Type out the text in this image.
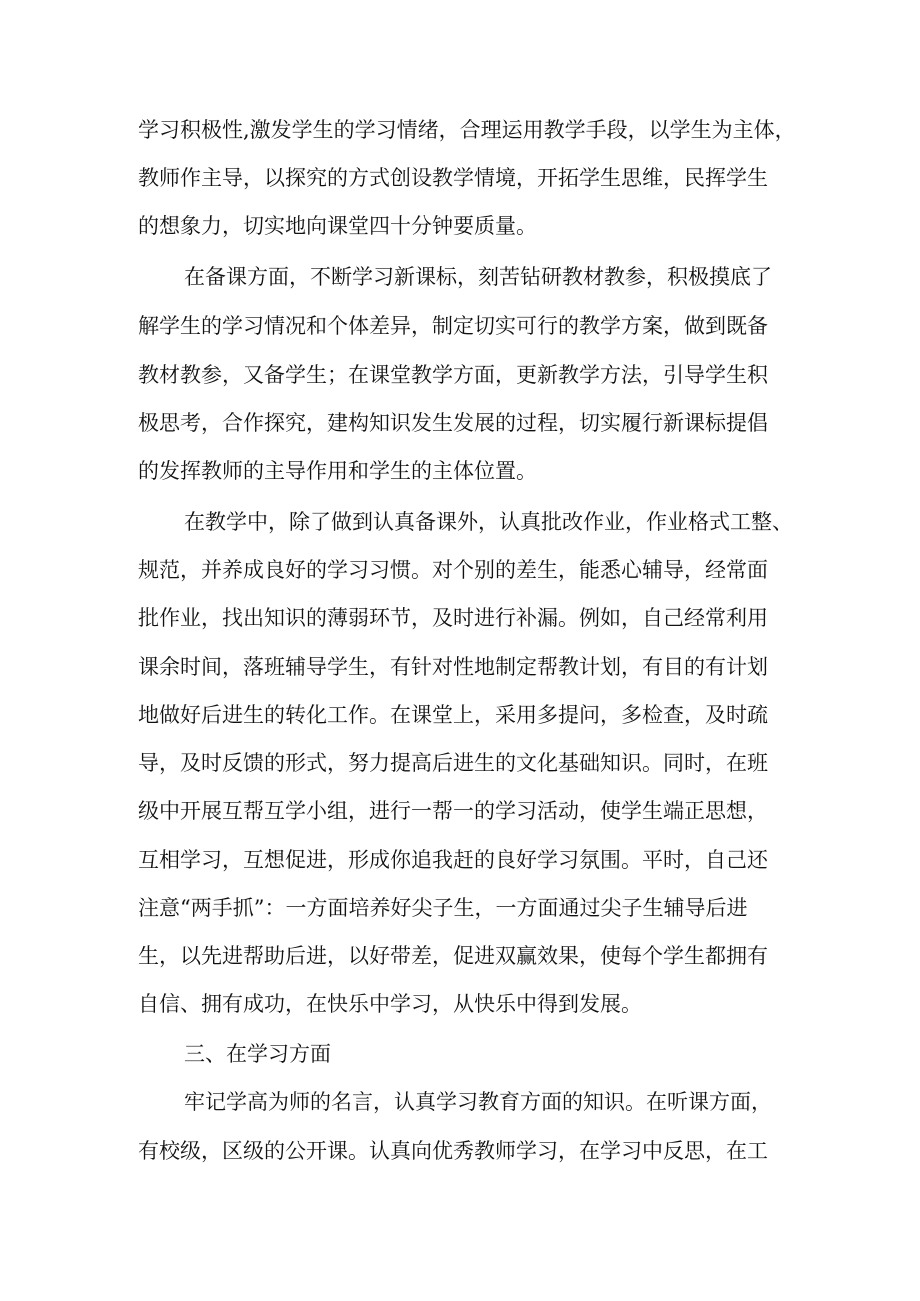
学习积极性,激发学生的学习情绪，合理运用教学手段，以学生为主体，
教师作主导，以探究的方式创设教学情境，开拓学生思维，民挥学生
的想象力，切实地向课堂四十分钟要质量。
在备课方面，不断学习新课标，刻苦钻研教材教参，积极摸底了
解学生的学习情况和个体差异，制定切实可行的教学方案，做到既备
教材教参，又备学生；在课堂教学方面，更新教学方法，引导学生积
极思考，合作探究，建构知识发生发展的过程，切实履行新课标提倡
的发挥教师的主导作用和学生的主体位置。
在教学中，除了做到认真备课外，认真批改作业，作业格式工整、
规范，并养成良好的学习习惯。对个别的差生，能悉心辅导，经常面
批作业，找出知识的薄弱环节，及时进行补漏。例如，自己经常利用
课余时间，落班辅导学生，有针对性地制定帮教计划，有目的有计划
地做好后进生的转化工作。在课堂上，采用多提问，多检查，及时疏
导，及时反馈的形式，努力提高后进生的文化基础知识。同时，在班
级中开展互帮互学小组，进行一帮一的学习活动，使学生端正思想，
互相学习，互想促进，形成你追我赶的良好学习氛围。平时，自己还
注意“两手抓”：一方面培养好尖子生，一方面通过尖子生辅导后进
生，以先进帮助后进，以好带差，促进双赢效果，使每个学生都拥有
自信、拥有成功，在快乐中学习，从快乐中得到发展。
三、在学习方面
牢记学高为师的名言，认真学习教育方面的知识。在听课方面，
有校级，区级的公开课。认真向优秀教师学习，在学习中反思，在工
